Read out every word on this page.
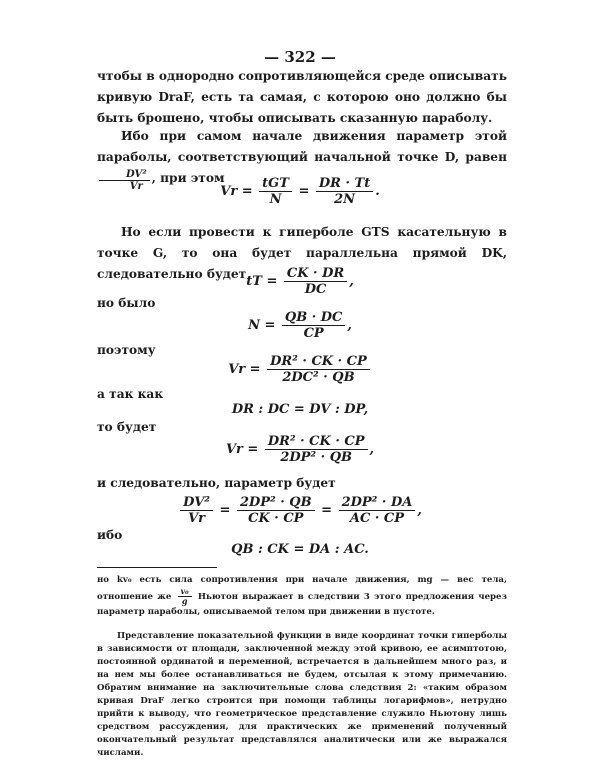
— 322 —
чтобы в однородно сопротивляющейся среде описывать кривую DraF, есть та самая, с которою оно должно бы быть брошено, чтобы описывать сказанную параболу.
Ибо при самом начале движения параметр этой параболы, соответствующий начальной точке D, равен
$\frac{\text{DV²}}{Vr}$ , при этом
$Vr = \frac{\text{tGT}}{N} = \frac{DR \cdot Tt}{2N}$ .
Но если провести к гиперболе GTS касательную в точке G, то она будет параллельна прямой DK, следовательно будет tT = $\frac{CK \cdot DR}{DC}$ ,
но было
$N = \frac{QB \cdot DC}{CP}$ ,
поэтому
$Vr = \frac{\text{DR² · CK · CP}}{\text{2DC² · QB}}$
а так как
DR : DC = DV : DP,
то будет
$Vr = \frac{\text{DR² · CK · CP}}{\text{2DP² · QB}}$ ,
и следовательно, параметр будет
$\frac{\text{DV²}}{Vr} = \frac{\text{2DP² · QB}}{CK \cdot CP} = \frac{\text{2DP² · DA}}{AC \cdot CP}$ ,
ибо
QB : CK = DA : AC.
но kv₀ есть сила сопротивления при начале движения, mg — вес тела, отношение же $\frac{\text{v₀}}{g}$ Ньютон выражает в следствии 3 этого предложения через параметр параболы, описываемой телом при движении в пустоте.
Представление показательной функции в виде координат точки гиперболы в зависимости от площади, заключенной между этой кривою, ее асимптотою, постоянной ординатой и переменной, встречается в дальнейшем много раз, и на нем мы более останавливаться не будем, отсылая к этому примечанию. Обратим внимание на заключительные слова следствия 2: «таким образом кривая DraF легко строится при помощи таблицы логарифмов», нетрудно прийти к выводу, что геометрическое представление служило Ньютону лишь средством рассуждения, для практических же применений полученный окончательный результат представлялся аналитически или же выражался числами.
